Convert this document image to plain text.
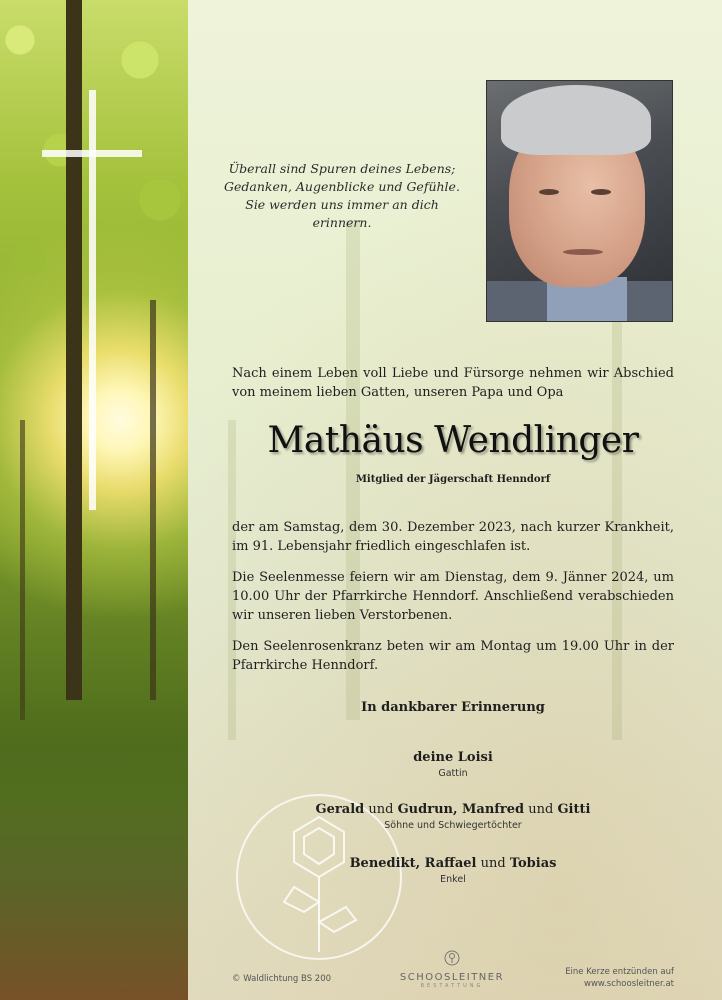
Überall sind Spuren deines Lebens;
Gedanken, Augenblicke und Gefühle.
Sie werden uns immer an dich
erinnern.

Nach einem Leben voll Liebe und Fürsorge nehmen wir Abschied

von meinem lieben Gatten, unseren Papa und Opa

Mathäus Wendlinger
Mitglied der Jägerschaft Henndorf

der am Samstag, dem 30. Dezember 2023, nach kurzer Krankheit, im 91. Lebensjahr friedlich eingeschlafen ist.

Die Seelenmesse feiern wir am Dienstag, dem 9. Jänner 2024, um 10.00 Uhr der Pfarrkirche Henndorf. Anschließend verabschieden wir unseren lieben Verstorbenen.

Den Seelenrosenkranz beten wir am Montag um 19.00 Uhr in der Pfarrkirche Henndorf.

In dankbarer Erinnerung
deine Loisi
Gattin
Gerald und Gudrun, Manfred und Gitti
Söhne und Schwiegertöchter
Benedikt, Raffael und Tobias
Enkel
© Waldlichtung BS 200	SCHOOSLEITNER
BESTATTUNG
Eine Kerze entzünden auf
www.schoosleitner.at
